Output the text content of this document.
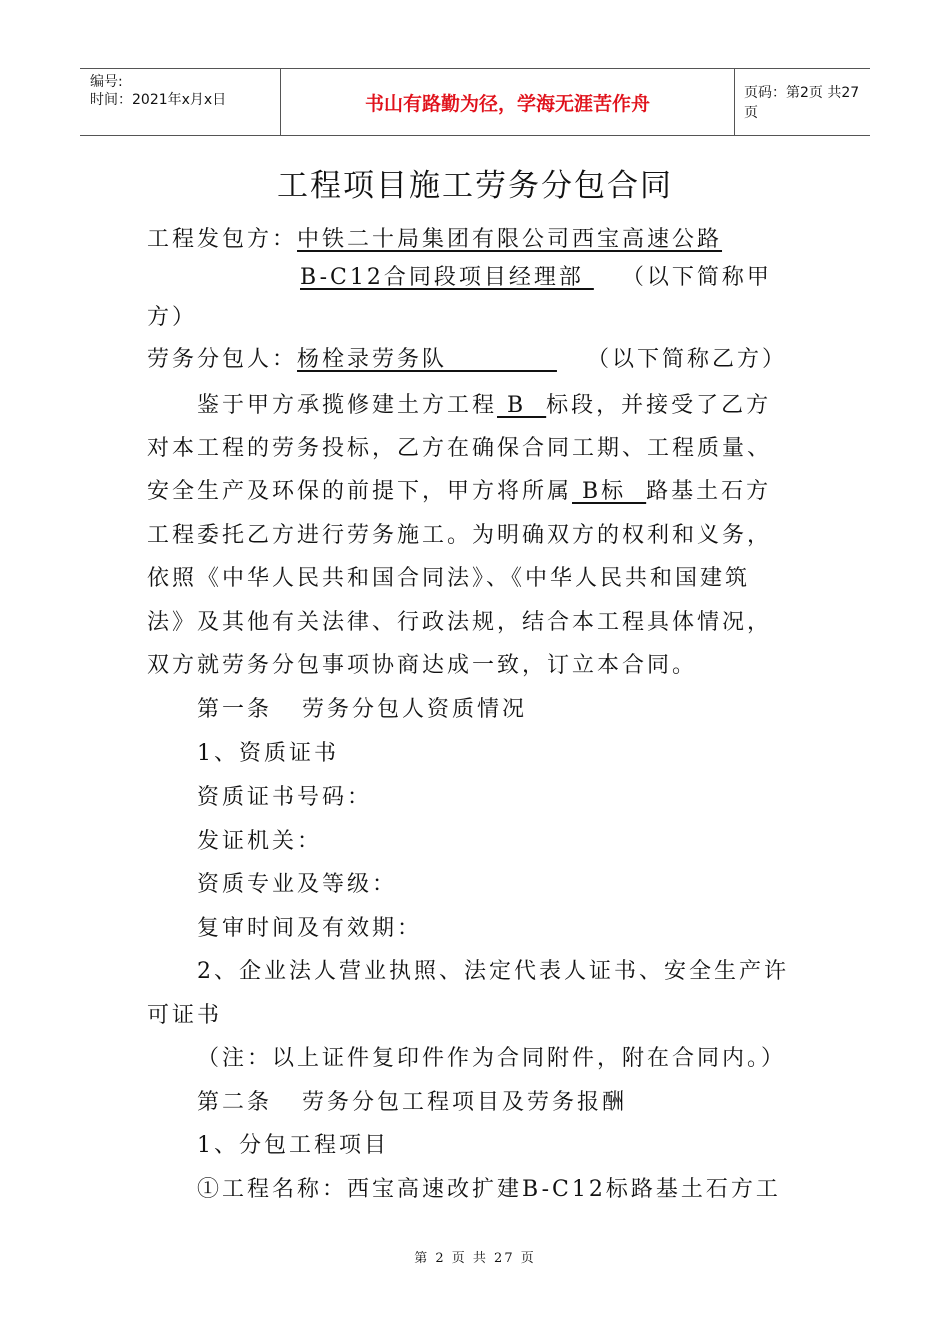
编号:
时间：2021年x月x日	书山有路勤为径，学海无涯苦作舟	页码：第2页 共27页
工程项目施工劳务分包合同
工程发包方：中铁二十局集团有限公司西宝高速公路
B-C12合同段项目经理部 （以下简称甲
方）
劳务分包人：杨栓录劳务队           （以下简称乙方）
鉴于甲方承揽修建土方工程 B  标段，并接受了乙方
对本工程的劳务投标，乙方在确保合同工期、工程质量、
安全生产及环保的前提下，甲方将所属 B标  路基土石方
工程委托乙方进行劳务施工。为明确双方的权利和义务，
依照《中华人民共和国合同法》、《中华人民共和国建筑
法》及其他有关法律、行政法规，结合本工程具体情况，
双方就劳务分包事项协商达成一致，订立本合同。
第一条   劳务分包人资质情况
1、资质证书
资质证书号码：
发证机关：
资质专业及等级：
复审时间及有效期：
2、企业法人营业执照、法定代表人证书、安全生产许
可证书
（注：以上证件复印件作为合同附件，附在合同内。）
第二条   劳务分包工程项目及劳务报酬
1、分包工程项目
①工程名称：西宝高速改扩建B-C12标路基土石方工
第 2 页 共 27 页
